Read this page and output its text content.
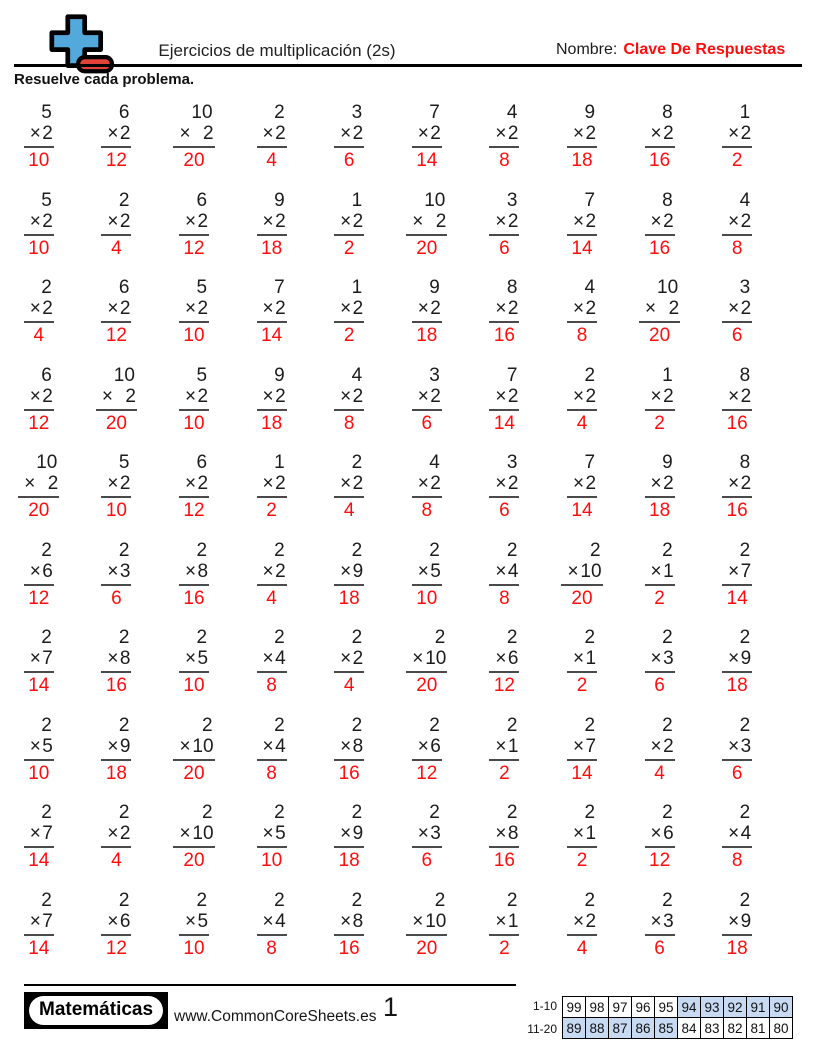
Ejercicios de multiplicación (2s)	Nombre: Clave De Respuestas
Resuelve cada problema.
5
×2
10
6
×2
12
10
× 2
20
2
×2
4
3
×2
6
7
×2
14
4
×2
8
9
×2
18
8
×2
16
1
×2
2
5
×2
10
2
×2
4
6
×2
12
9
×2
18
1
×2
2
10
× 2
20
3
×2
6
7
×2
14
8
×2
16
4
×2
8
2
×2
4
6
×2
12
5
×2
10
7
×2
14
1
×2
2
9
×2
18
8
×2
16
4
×2
8
10
× 2
20
3
×2
6
6
×2
12
10
× 2
20
5
×2
10
9
×2
18
4
×2
8
3
×2
6
7
×2
14
2
×2
4
1
×2
2
8
×2
16
10
× 2
20
5
×2
10
6
×2
12
1
×2
2
2
×2
4
4
×2
8
3
×2
6
7
×2
14
9
×2
18
8
×2
16
2
×6
12
2
×3
6
2
×8
16
2
×2
4
2
×9
18
2
×5
10
2
×4
8
2
×10
20
2
×1
2
2
×7
14
2
×7
14
2
×8
16
2
×5
10
2
×4
8
2
×2
4
2
×10
20
2
×6
12
2
×1
2
2
×3
6
2
×9
18
2
×5
10
2
×9
18
2
×10
20
2
×4
8
2
×8
16
2
×6
12
2
×1
2
2
×7
14
2
×2
4
2
×3
6
2
×7
14
2
×2
4
2
×10
20
2
×5
10
2
×9
18
2
×3
6
2
×8
16
2
×1
2
2
×6
12
2
×4
8
2
×7
14
2
×6
12
2
×5
10
2
×4
8
2
×8
16
2
×10
20
2
×1
2
2
×2
4
2
×3
6
2
×9
18
Matemáticas	www.CommonCoreSheets.es 1	1-10
11-20
99	98	97	96	95	94	93	92	91	90
89	88	87	86	85	84	83	82	81	80
